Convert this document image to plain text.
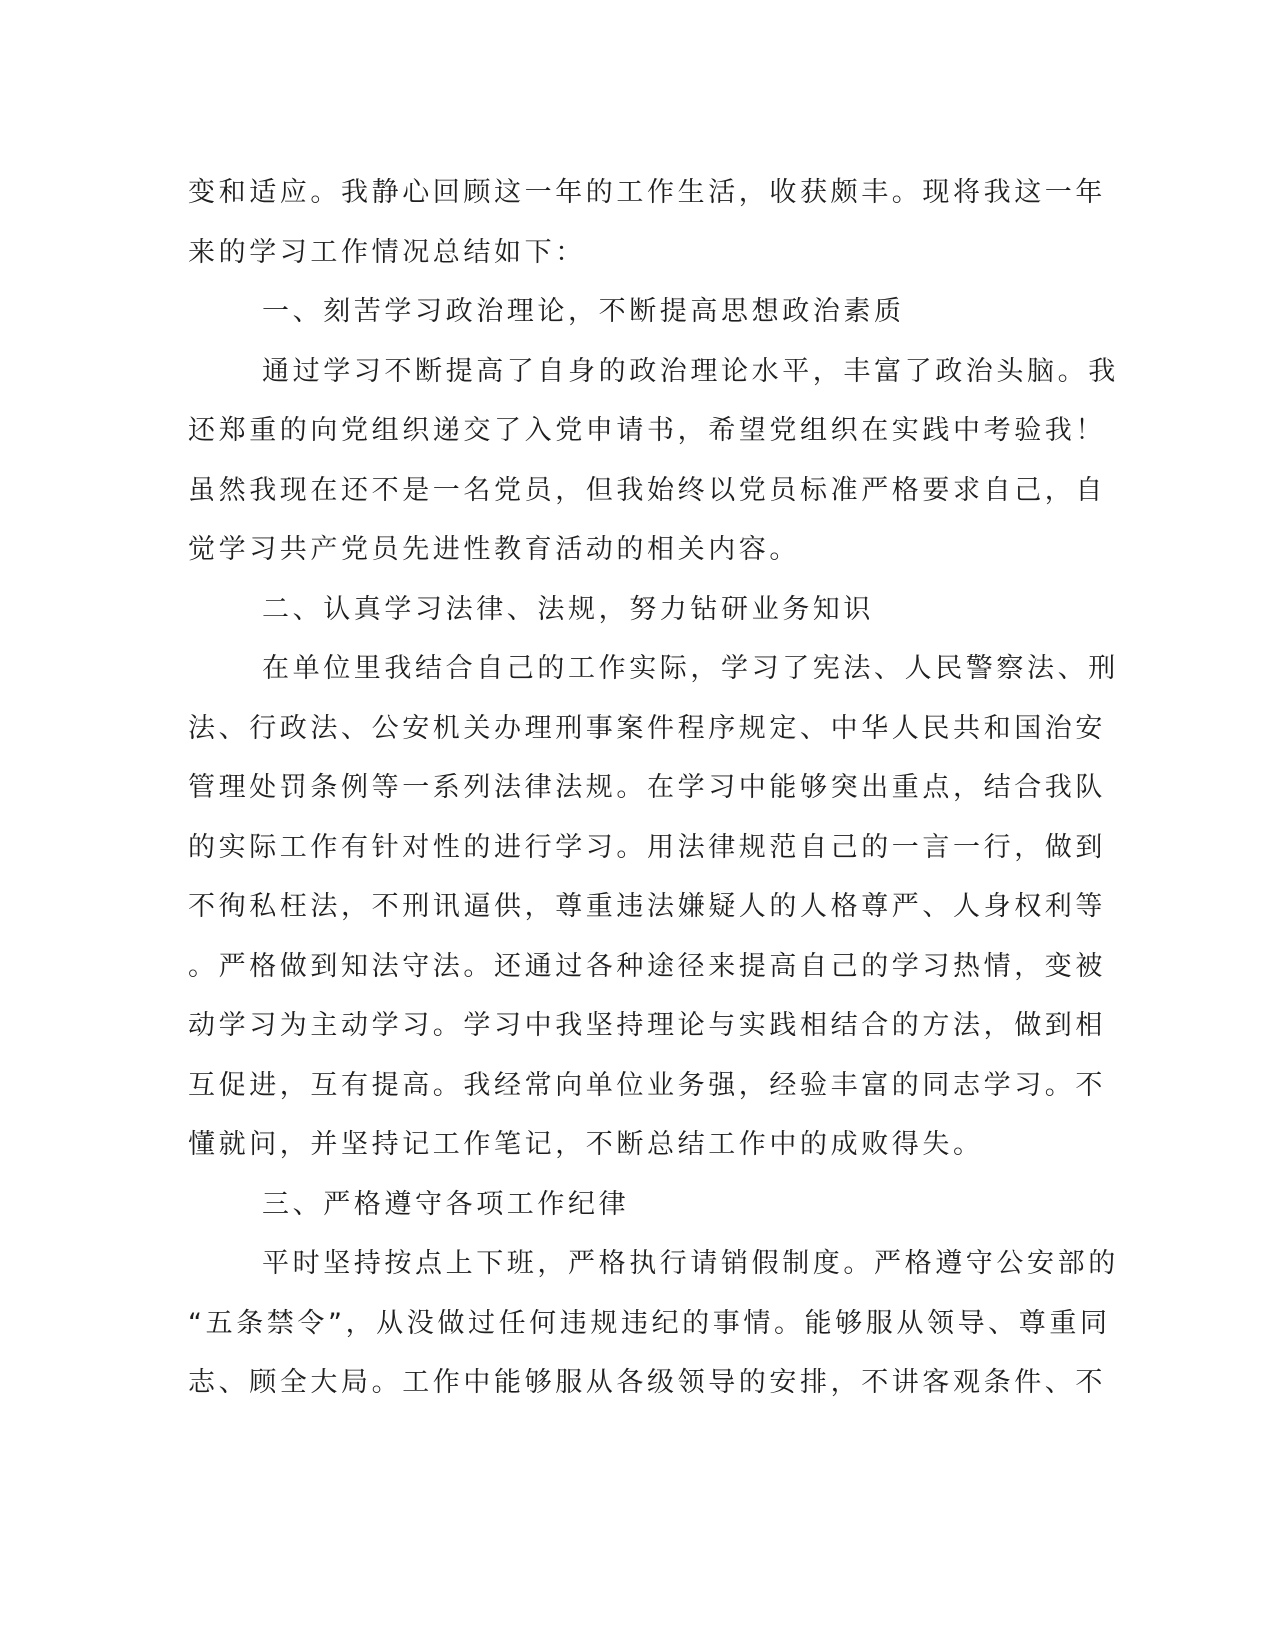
变和适应。我静心回顾这一年的工作生活，收获颇丰。现将我这一年
来的学习工作情况总结如下：
一、刻苦学习政治理论，不断提高思想政治素质
通过学习不断提高了自身的政治理论水平，丰富了政治头脑。我
还郑重的向党组织递交了入党申请书，希望党组织在实践中考验我！
虽然我现在还不是一名党员，但我始终以党员标准严格要求自己，自
觉学习共产党员先进性教育活动的相关内容。
二、认真学习法律、法规，努力钻研业务知识
在单位里我结合自己的工作实际，学习了宪法、人民警察法、刑
法、行政法、公安机关办理刑事案件程序规定、中华人民共和国治安
管理处罚条例等一系列法律法规。在学习中能够突出重点，结合我队
的实际工作有针对性的进行学习。用法律规范自己的一言一行，做到
不徇私枉法，不刑讯逼供，尊重违法嫌疑人的人格尊严、人身权利等
。严格做到知法守法。还通过各种途径来提高自己的学习热情，变被
动学习为主动学习。学习中我坚持理论与实践相结合的方法，做到相
互促进，互有提高。我经常向单位业务强，经验丰富的同志学习。不
懂就问，并坚持记工作笔记，不断总结工作中的成败得失。
三、严格遵守各项工作纪律
平时坚持按点上下班，严格执行请销假制度。严格遵守公安部的
“五条禁令”，从没做过任何违规违纪的事情。能够服从领导、尊重同
志、顾全大局。工作中能够服从各级领导的安排，不讲客观条件、不
